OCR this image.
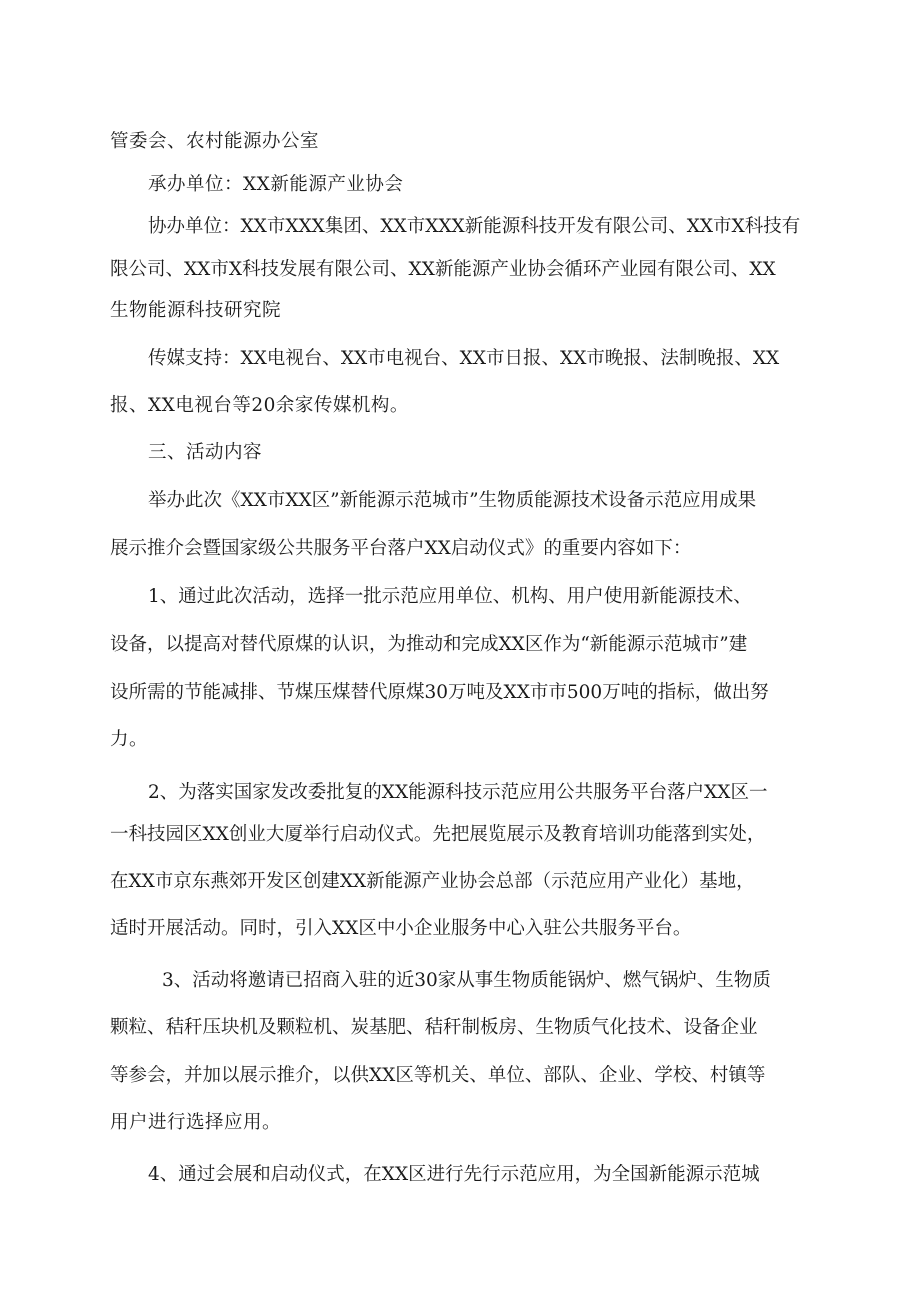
管委会、农村能源办公室
承办单位：XX新能源产业协会
协办单位：XX市XXX集团、XX市XXX新能源科技开发有限公司、XX市X科技有
限公司、XX市X科技发展有限公司、XX新能源产业协会循环产业园有限公司、XX
生物能源科技研究院
传媒支持：XX电视台、XX市电视台、XX市日报、XX市晚报、法制晚报、XX
报、XX电视台等20余家传媒机构。
三、活动内容
举办此次《XX市XX区”新能源示范城市”生物质能源技术设备示范应用成果
展示推介会暨国家级公共服务平台落户XX启动仪式》的重要内容如下：
1、通过此次活动，选择一批示范应用单位、机构、用户使用新能源技术、
设备，以提高对替代原煤的认识，为推动和完成XX区作为“新能源示范城市”建
设所需的节能减排、节煤压煤替代原煤30万吨及XX市市500万吨的指标，做出努
力。
2、为落实国家发改委批复的XX能源科技示范应用公共服务平台落户XX区一
一科技园区XX创业大厦举行启动仪式。先把展览展示及教育培训功能落到实处，
在XX市京东燕郊开发区创建XX新能源产业协会总部（示范应用产业化）基地，
适时开展活动。同时，引入XX区中小企业服务中心入驻公共服务平台。
3、活动将邀请已招商入驻的近30家从事生物质能锅炉、燃气锅炉、生物质
颗粒、秸秆压块机及颗粒机、炭基肥、秸秆制板房、生物质气化技术、设备企业
等参会，并加以展示推介，以供XX区等机关、单位、部队、企业、学校、村镇等
用户进行选择应用。
4、通过会展和启动仪式，在XX区进行先行示范应用，为全国新能源示范城
